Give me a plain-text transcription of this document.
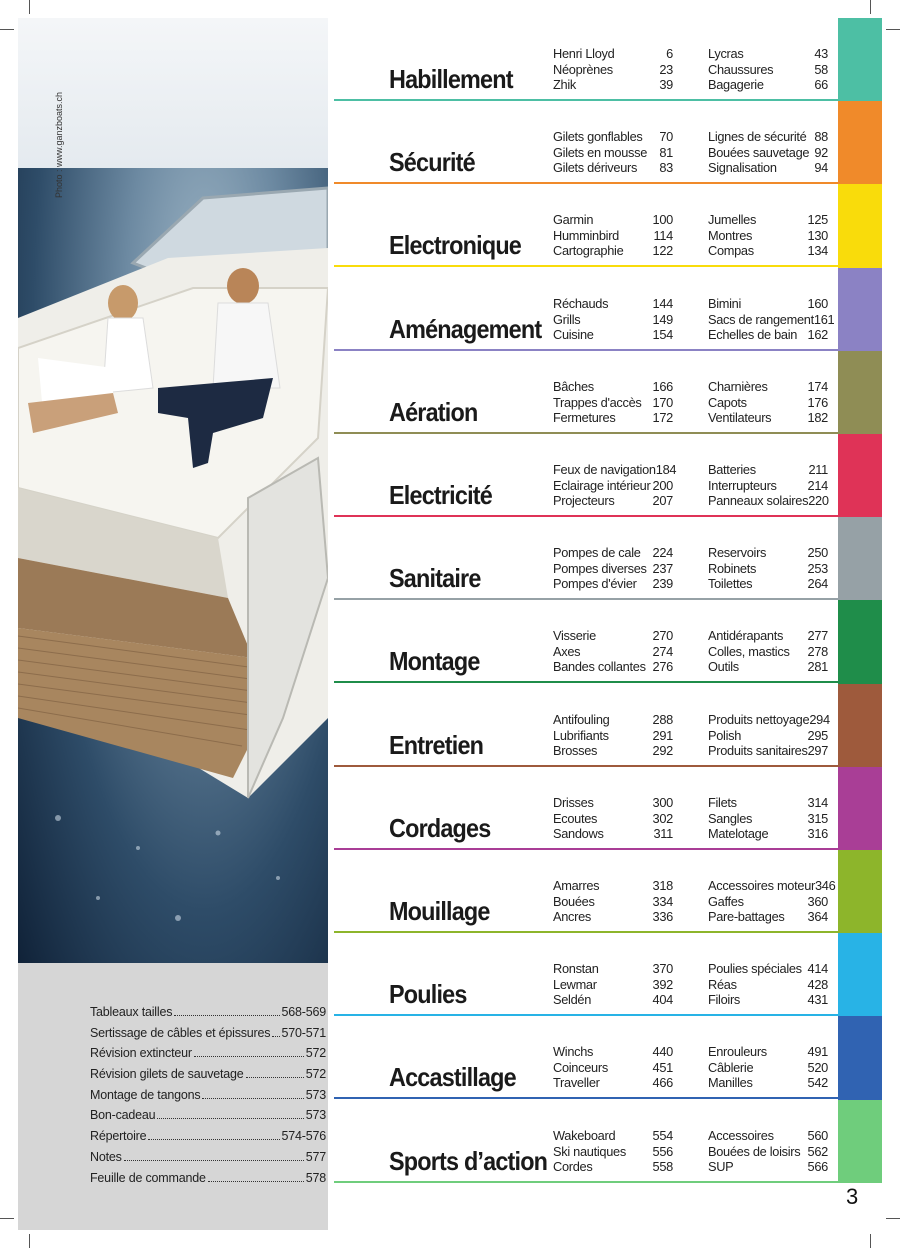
Photo : www.ganzboats.ch
Tableaux tailles	568-569
Sertissage de câbles et épissures 570-571
Révision extincteur	572
Révision gilets de sauvetage	572
Montage de tangons	573
Bon-cadeau	573
Répertoire	574-576
Notes	577
Feuille de commande	578
Habillement
Henri Lloyd	6
Néoprènes	23
Zhik	39
Lycras	43
Chaussures	58
Bagagerie	66
Sécurité
Gilets gonflables 70
Gilets en mousse 81
Gilets dériveurs 83
Lignes de sécurité 88
Bouées sauvetage 92
Signalisation	94
Electronique
Garmin	100
Humminbird	114
Cartographie 122
Jumelles	125
Montres	130
Compas	134
Aménagement
Réchauds	144
Grills	149
Cuisine	154
Bimini	160
Sacs de rangement 161
Echelles de bain 162
Aération
Bâches	166
Trappes d'accès 170
Fermetures	172
Charnières	174
Capots	176
Ventilateurs	182
Electricité
Feux de navigation 184
Eclairage intérieur 200
Projecteurs	207
Batteries	211
Interrupteurs 214
Panneaux solaires 220
Sanitaire
Pompes de cale 224
Pompes diverses 237
Pompes d'évier 239
Reservoirs	250
Robinets	253
Toilettes	264
Montage
Visserie	270
Axes	274
Bandes collantes 276
Antidérapants 277
Colles, mastics 278
Outils	281
Entretien
Antifouling	288
Lubrifiants	291
Brosses	292
Produits nettoyage 294
Polish	295
Produits sanitaires 297
Cordages
Drisses	300
Ecoutes	302
Sandows	311
Filets	314
Sangles	315
Matelotage	316
Mouillage
Amarres	318
Bouées	334
Ancres	336
Accessoires moteur 346
Gaffes	360
Pare-battages 364
Poulies
Ronstan	370
Lewmar	392
Seldén	404
Poulies spéciales 414
Réas	428
Filoirs	431
Accastillage
Winchs	440
Coinceurs	451
Traveller	466
Enrouleurs	491
Câblerie	520
Manilles	542
Sports d’action
Wakeboard	554
Ski nautiques 556
Cordes	558
Accessoires	560
Bouées de loisirs 562
SUP	566
3
